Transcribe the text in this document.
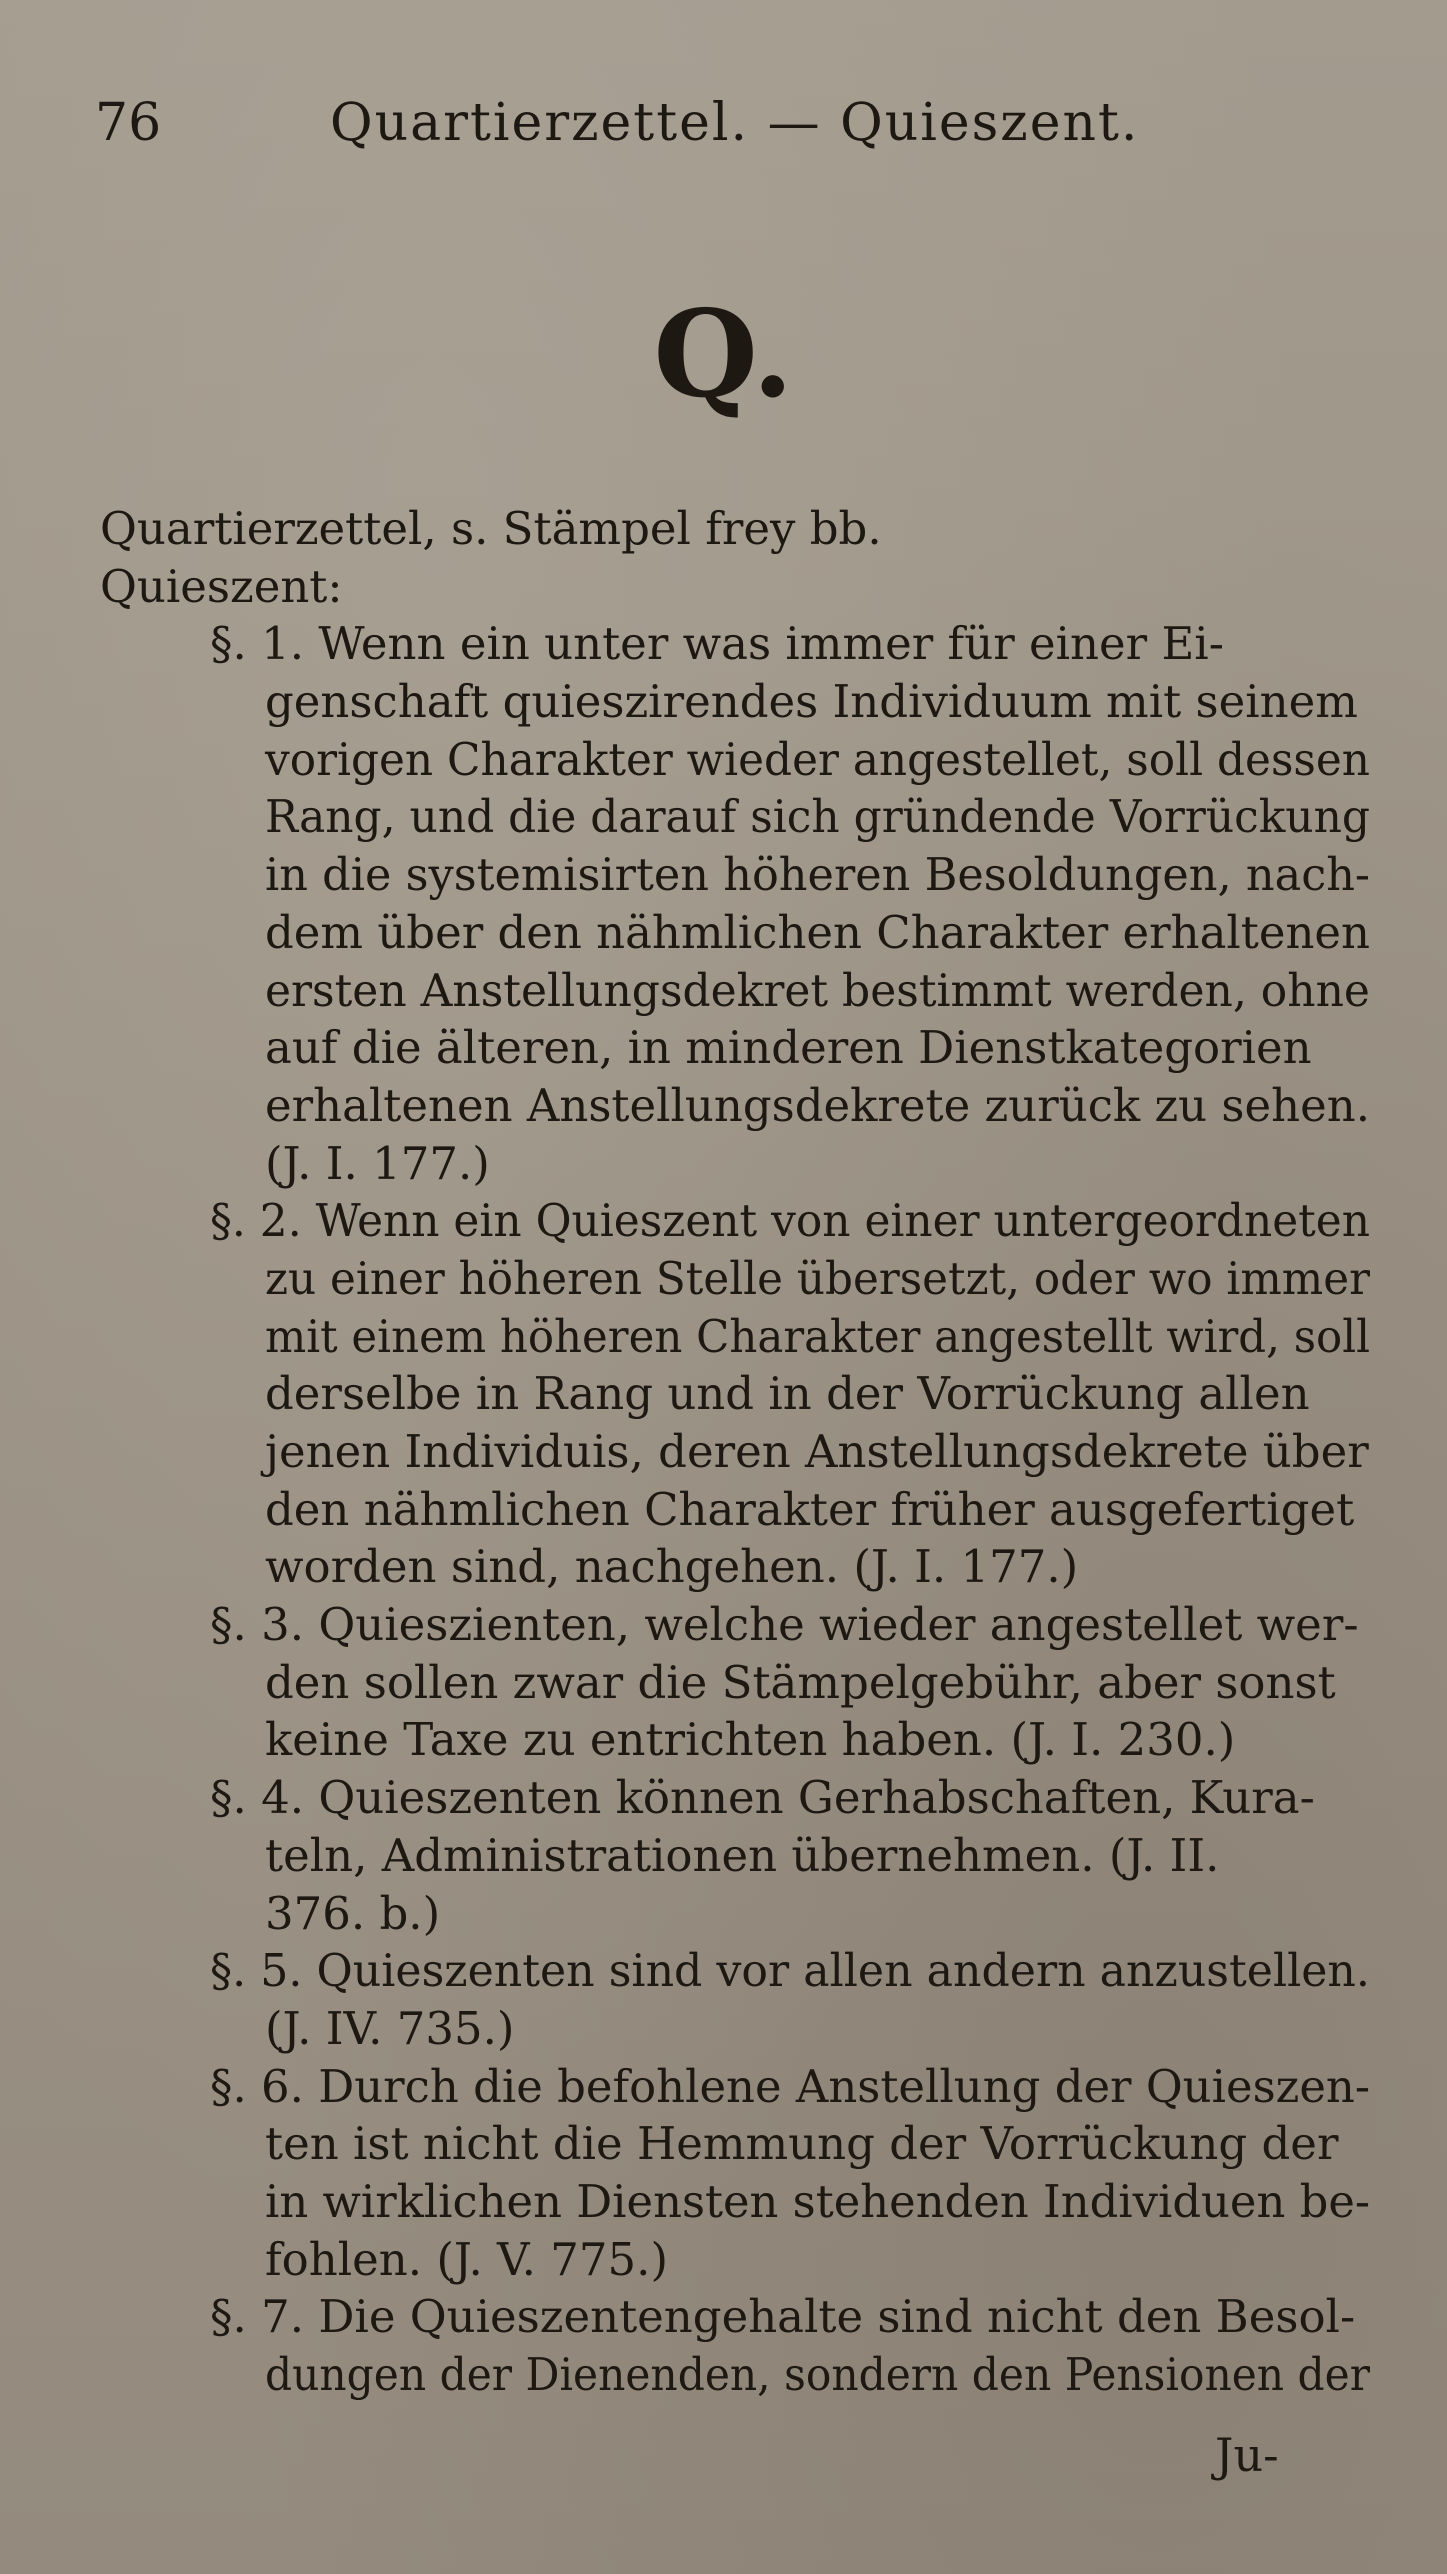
76	Quartierzettel. — Quieszent.
Q.
Quartierzettel, s. Stämpel frey bb.
Quieszent:
§. 1. Wenn ein unter was immer für einer Ei-
genschaft quieszirendes Individuum mit seinem
vorigen Charakter wieder angestellet, soll dessen
Rang, und die darauf sich gründende Vorrückung
in die systemisirten höheren Besoldungen, nach-
dem über den nähmlichen Charakter erhaltenen
ersten Anstellungsdekret bestimmt werden, ohne
auf die älteren, in minderen Dienstkategorien
erhaltenen Anstellungsdekrete zurück zu sehen.
(J. I. 177.)
§. 2. Wenn ein Quieszent von einer untergeordneten
zu einer höheren Stelle übersetzt, oder wo immer
mit einem höheren Charakter angestellt wird, soll
derselbe in Rang und in der Vorrückung allen
jenen Individuis, deren Anstellungsdekrete über
den nähmlichen Charakter früher ausgefertiget
worden sind, nachgehen. (J. I. 177.)
§. 3. Quieszienten, welche wieder angestellet wer-
den sollen zwar die Stämpelgebühr, aber sonst
keine Taxe zu entrichten haben. (J. I. 230.)
§. 4. Quieszenten können Gerhabschaften, Kura-
teln, Administrationen übernehmen. (J. II.
376. b.)
§. 5. Quieszenten sind vor allen andern anzustellen.
(J. IV. 735.)
§. 6. Durch die befohlene Anstellung der Quieszen-
ten ist nicht die Hemmung der Vorrückung der
in wirklichen Diensten stehenden Individuen be-
fohlen. (J. V. 775.)
§. 7. Die Quieszentengehalte sind nicht den Besol-
dungen der Dienenden, sondern den Pensionen der
Ju-
